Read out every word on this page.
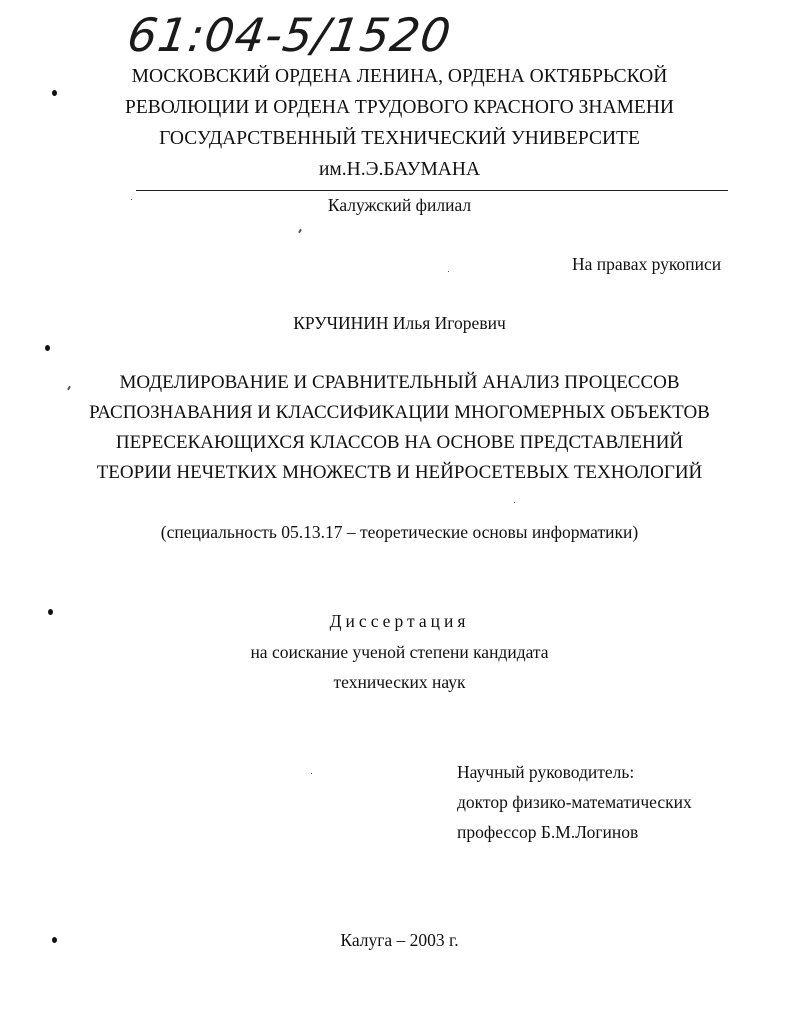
61:04-5/1520
МОСКОВСКИЙ ОРДЕНА ЛЕНИНА, ОРДЕНА ОКТЯБРЬСКОЙ
РЕВОЛЮЦИИ И ОРДЕНА ТРУДОВОГО КРАСНОГО ЗНАМЕНИ
ГОСУДАРСТВЕННЫЙ ТЕХНИЧЕСКИЙ УНИВЕРСИТЕ
им.Н.Э.БАУМАНА
Калужский филиал
На правах рукописи
КРУЧИНИН Илья Игоревич
МОДЕЛИРОВАНИЕ И СРАВНИТЕЛЬНЫЙ АНАЛИЗ ПРОЦЕССОВ
РАСПОЗНАВАНИЯ И КЛАССИФИКАЦИИ МНОГОМЕРНЫХ ОБЪЕКТОВ
ПЕРЕСЕКАЮЩИХСЯ КЛАССОВ НА ОСНОВЕ ПРЕДСТАВЛЕНИЙ
ТЕОРИИ НЕЧЕТКИХ МНОЖЕСТВ И НЕЙРОСЕТЕВЫХ ТЕХНОЛОГИЙ
(специальность 05.13.17 – теоретические основы информатики)
Диссертация
на соискание ученой степени кандидата
технических наук
Научный руководитель:
доктор физико-математических
профессор Б.М.Логинов
Калуга – 2003 г.
